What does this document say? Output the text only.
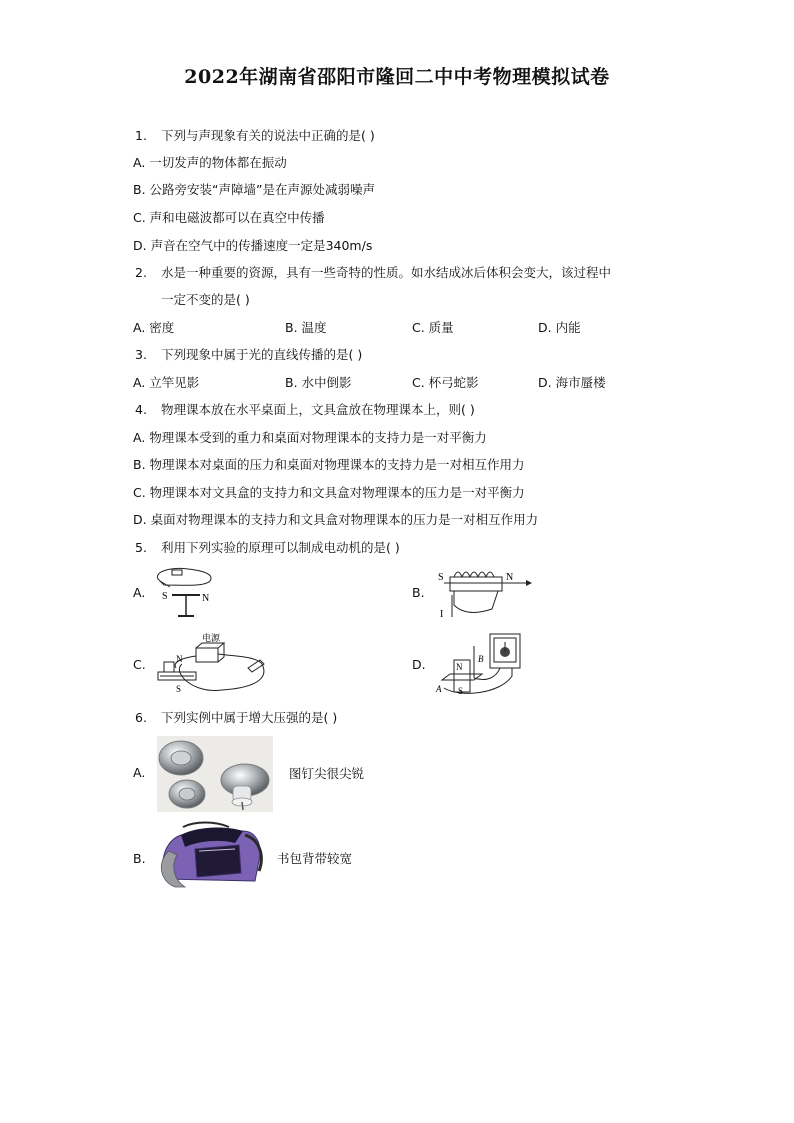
2022年湖南省邵阳市隆回二中中考物理模拟试卷
1. 下列与声现象有关的说法中正确的是( )
A. 一切发声的物体都在振动
B. 公路旁安装“声障墙”是在声源处减弱噪声
C. 声和电磁波都可以在真空中传播
D. 声音在空气中的传播速度一定是340m/s
2. 水是一种重要的资源，具有一些奇特的性质。如水结成冰后体积会变大，该过程中
一定不变的是( )
A. 密度	B. 温度	C. 质量	D. 内能
3. 下列现象中属于光的直线传播的是( )
A. 立竿见影	B. 水中倒影	C. 杯弓蛇影	D. 海市蜃楼
4. 物理课本放在水平桌面上，文具盒放在物理课本上，则( )
A. 物理课本受到的重力和桌面对物理课本的支持力是一对平衡力
B. 物理课本对桌面的压力和桌面对物理课本的支持力是一对相互作用力
C. 物理课本对文具盒的支持力和文具盒对物理课本的压力是一对平衡力
D. 桌面对物理课本的支持力和文具盒对物理课本的压力是一对相互作用力
5. 利用下列实验的原理可以制成电动机的是( )
A. S	N	B.
S	N
I
C.
电源
N
S
D.	N
B
A S
6. 下列实例中属于增大压强的是( )
A.	图钉尖很尖锐
B.	书包背带较宽
